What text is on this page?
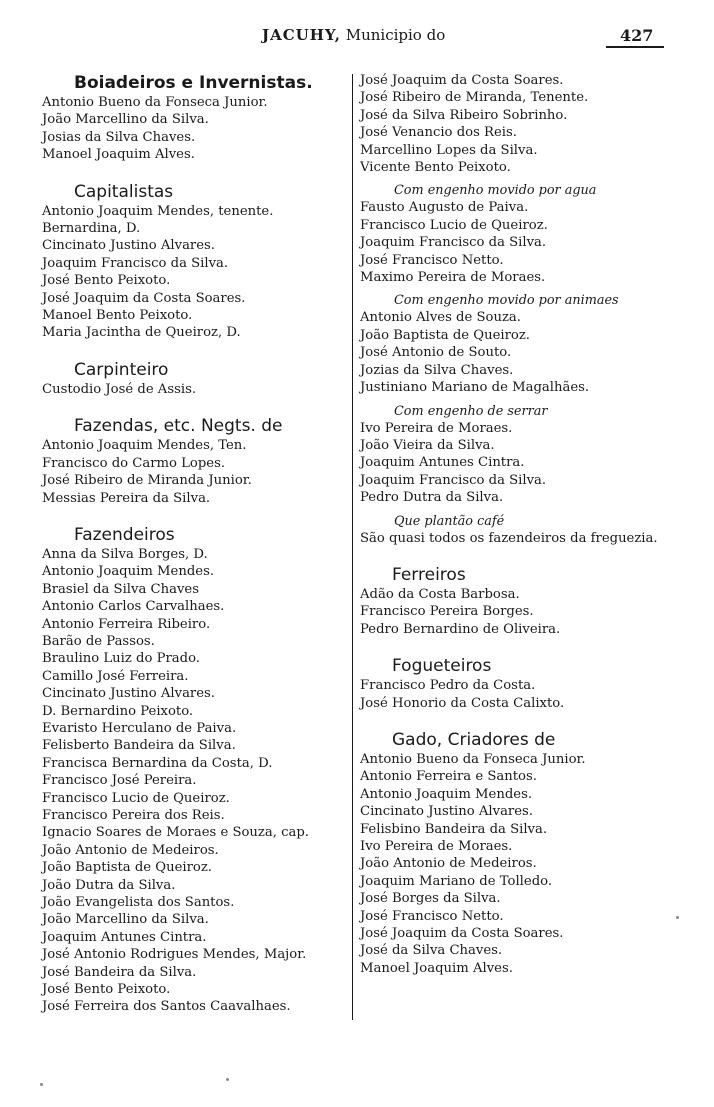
JACUHY, Municipio do	427
Boiadeiros e Invernistas.
Antonio Bueno da Fonseca Junior.
João Marcellino da Silva.
Josias da Silva Chaves.
Manoel Joaquim Alves.
Capitalistas
Antonio Joaquim Mendes, tenente.
Bernardina, D.
Cincinato Justino Alvares.
Joaquim Francisco da Silva.
José Bento Peixoto.
José Joaquim da Costa Soares.
Manoel Bento Peixoto.
Maria Jacintha de Queiroz, D.
Carpinteiro
Custodio José de Assis.
Fazendas, etc. Negts. de
Antonio Joaquim Mendes, Ten.
Francisco do Carmo Lopes.
José Ribeiro de Miranda Junior.
Messias Pereira da Silva.
Fazendeiros
Anna da Silva Borges, D.
Antonio Joaquim Mendes.
Brasiel da Silva Chaves
Antonio Carlos Carvalhaes.
Antonio Ferreira Ribeiro.
Barão de Passos.
Braulino Luiz do Prado.
Camillo José Ferreira.
Cincinato Justino Alvares.
D. Bernardino Peixoto.
Evaristo Herculano de Paiva.
Felisberto Bandeira da Silva.
Francisca Bernardina da Costa, D.
Francisco José Pereira.
Francisco Lucio de Queiroz.
Francisco Pereira dos Reis.
Ignacio Soares de Moraes e Souza, cap.
João Antonio de Medeiros.
João Baptista de Queiroz.
João Dutra da Silva.
João Evangelista dos Santos.
João Marcellino da Silva.
Joaquim Antunes Cintra.
José Antonio Rodrigues Mendes, Major.
José Bandeira da Silva.
José Bento Peixoto.
José Ferreira dos Santos Caavalhaes.
José Joaquim da Costa Soares.
José Ribeiro de Miranda, Tenente.
José da Silva Ribeiro Sobrinho.
José Venancio dos Reis.
Marcellino Lopes da Silva.
Vicente Bento Peixoto.
Com engenho movido por agua
Fausto Augusto de Paiva.
Francisco Lucio de Queiroz.
Joaquim Francisco da Silva.
José Francisco Netto.
Maximo Pereira de Moraes.
Com engenho movido por animaes
Antonio Alves de Souza.
João Baptista de Queiroz.
José Antonio de Souto.
Jozias da Silva Chaves.
Justiniano Mariano de Magalhães.
Com engenho de serrar
Ivo Pereira de Moraes.
João Vieira da Silva.
Joaquim Antunes Cintra.
Joaquim Francisco da Silva.
Pedro Dutra da Silva.
Que plantão café
São quasi todos os fazendeiros da freguezia.
Ferreiros
Adão da Costa Barbosa.
Francisco Pereira Borges.
Pedro Bernardino de Oliveira.
Fogueteiros
Francisco Pedro da Costa.
José Honorio da Costa Calixto.
Gado, Criadores de
Antonio Bueno da Fonseca Junior.
Antonio Ferreira e Santos.
Antonio Joaquim Mendes.
Cincinato Justino Alvares.
Felisbino Bandeira da Silva.
Ivo Pereira de Moraes.
João Antonio de Medeiros.
Joaquim Mariano de Tolledo.
José Borges da Silva.
José Francisco Netto.
José Joaquim da Costa Soares.
José da Silva Chaves.
Manoel Joaquim Alves.
